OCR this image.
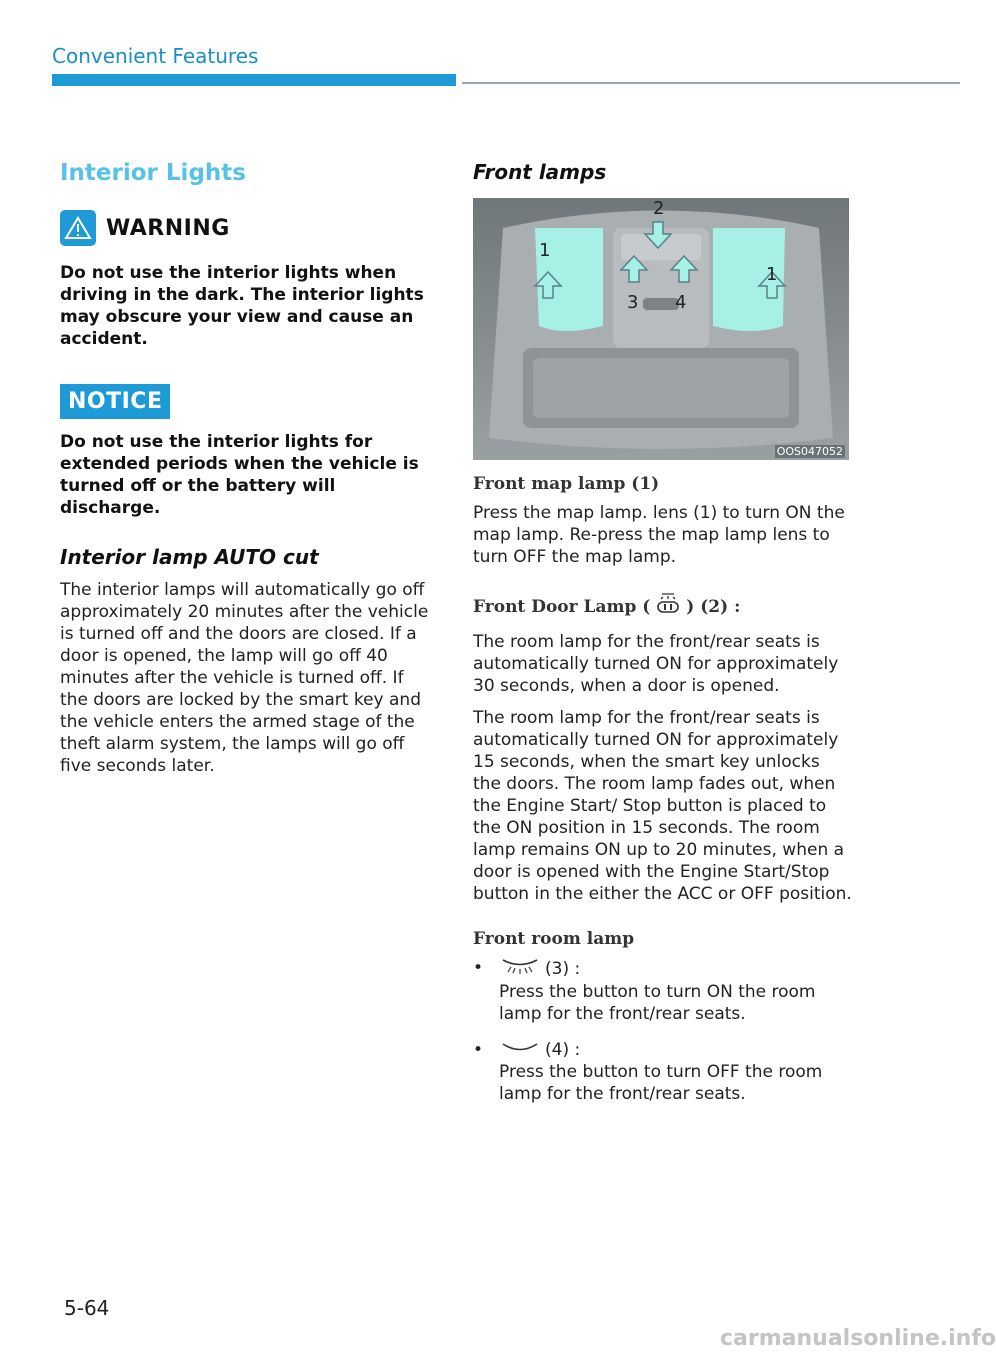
Convenient Features
Interior Lights
WARNING

Do not use the interior lights when driving in the dark. The interior lights may obscure your view and cause an accident.

NOTICE

Do not use the interior lights for extended periods when the vehicle is turned off or the battery will discharge.

Interior lamp AUTO cut

The interior lamps will automatically go off approximately 20 minutes after the vehicle is turned off and the doors are closed. If a door is opened, the lamp will go off 40 minutes after the vehicle is turned off. If the doors are locked by the smart key and the vehicle enters the armed stage of the theft alarm system, the lamps will go off five seconds later.

Front lamps
1
2
3 4
1
OOS047052
Front map lamp (1)

Press the map lamp. lens (1) to turn ON the map lamp. Re-press the map lamp lens to turn OFF the map lamp.

Front Door Lamp ( ) (2) :

The room lamp for the front/rear seats is automatically turned ON for approximately 30 seconds, when a door is opened.

The room lamp for the front/rear seats is automatically turned ON for approximately 15 seconds, when the smart key unlocks the doors. The room lamp fades out, when the Engine Start/ Stop button is placed to the ON position in 15 seconds. The room lamp remains ON up to 20 minutes, when a door is opened with the Engine Start/Stop button in the either the ACC or OFF position.

Front room lamp
•	(3) :

Press the button to turn ON the room lamp for the front/rear seats.

•	(4) :

Press the button to turn OFF the room lamp for the front/rear seats.

5-64
carmanualsonline.info
